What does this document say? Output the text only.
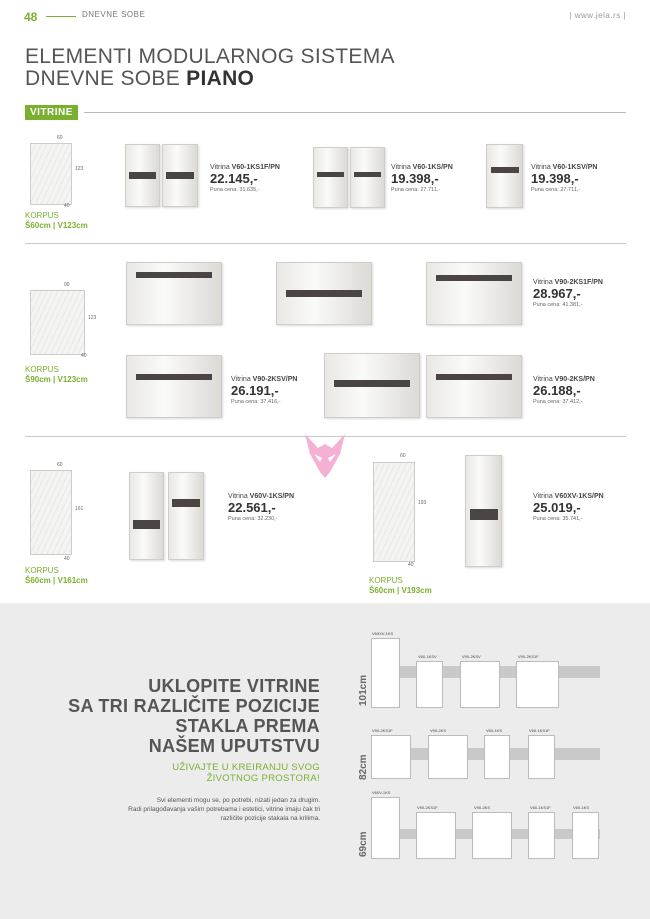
48	DNEVNE SOBE	| www.jela.rs |
ELEMENTI MODULARNOG SISTEMA
DNEVNE SOBE PIANO
VITRINE
60
123
40
KORPUS
Š60cm | V123cm
Vitrina V60-1KS1F/PN
22.145,-
Puna cena: 31.635,-
Vitrina V60-1KS/PN
19.398,-
Puna cena: 27.711,-
Vitrina V60-1KSV/PN
19.398,-
Puna cena: 27.711,-
90
123
40
KORPUS
Š90cm | V123cm
Vitrina V90-2KS1F/PN
28.967,-
Puna cena: 41.381,-
Vitrina V90-2KSV/PN
26.191,-
Puna cena: 37.416,-
Vitrina V90-2KS/PN
26.188,-
Puna cena: 37.412,-
60
161
40
KORPUS
Š60cm | V161cm
Vitrina V60V-1KS/PN
22.561,-
Puna cena: 32.230,-
60
193
40
KORPUS
Š60cm | V193cm
Vitrina V60XV-1KS/PN
25.019,-
Puna cena: 35.741,-
UKLOPITE VITRINE
SA TRI RAZLIČITE POZICIJE
STAKLA PREMA
NAŠEM UPUTSTVU
UŽIVAJTE U KREIRANJU SVOG
ŽIVOTNOG PROSTORA!
Svi elementi mogu se, po potrebi, nizati jedan za drugim.
Radi prilagođavanja vašim potrebama i estetici, vitrine imaju čak tri
različite pozicije stakala na krilima.
101cm
V60XV-1KS
V60-1KSV	V90-2KSV	V90-2KS1F
82cm
V90-2KS1F	V90-2KS	V60-1KS	V60-1KS1F
69cm
V60V-1KS
V90-2KS1F	V90-2KS	V60-1KS1F	V60-1KS
